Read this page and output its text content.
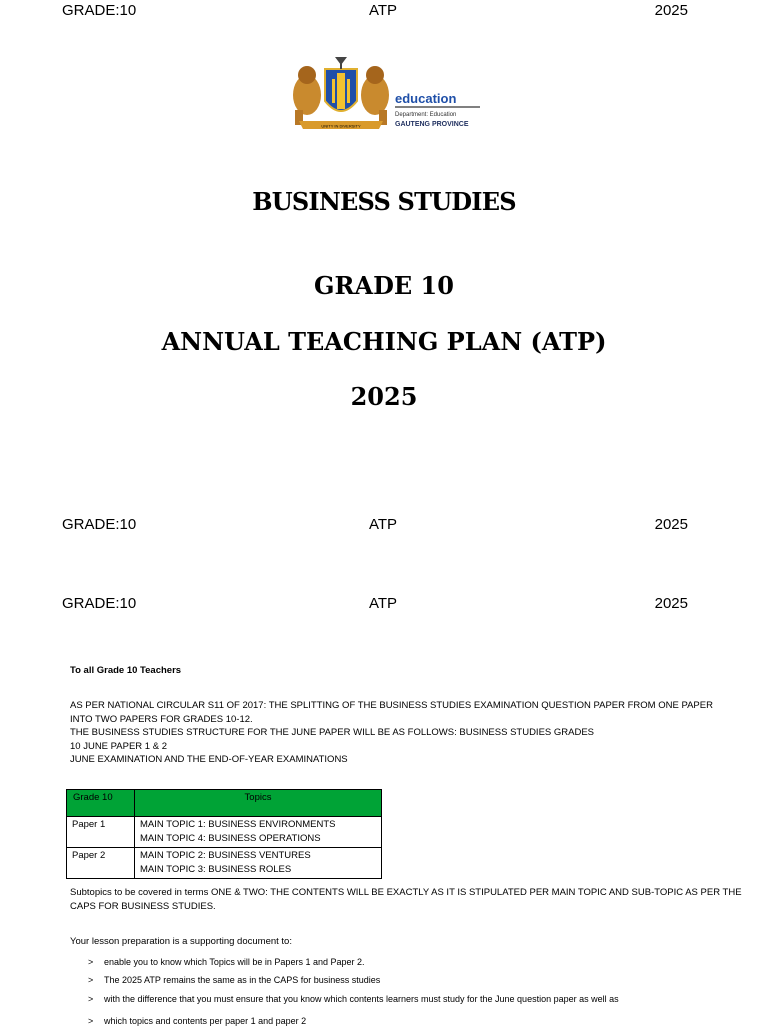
GRADE:10	ATP	2025
UNITY IN DIVERSITY
education
Department: Education
GAUTENG PROVINCE
BUSINESS STUDIES
GRADE 10
ANNUAL TEACHING PLAN (ATP)
2025
GRADE:10	ATP	2025
GRADE:10	ATP	2025
To all Grade 10 Teachers
AS PER NATIONAL CIRCULAR S11 OF 2017: THE SPLITTING OF THE BUSINESS STUDIES EXAMINATION QUESTION PAPER FROM ONE PAPER
INTO TWO PAPERS FOR GRADES 10-12.
THE BUSINESS STUDIES STRUCTURE FOR THE JUNE PAPER WILL BE AS FOLLOWS: BUSINESS STUDIES GRADES
10 JUNE PAPER 1 & 2
JUNE EXAMINATION AND THE END-OF-YEAR EXAMINATIONS
Grade 10	Topics
Paper 1	MAIN TOPIC 1: BUSINESS ENVIRONMENTS
MAIN TOPIC 4: BUSINESS OPERATIONS

Paper 2	MAIN TOPIC 2: BUSINESS VENTURES
MAIN TOPIC 3: BUSINESS ROLES
Subtopics to be covered in terms ONE & TWO: THE CONTENTS WILL BE EXACTLY AS IT IS STIPULATED PER MAIN TOPIC AND SUB-TOPIC AS PER THE
CAPS FOR BUSINESS STUDIES.
Your lesson preparation is a supporting document to:
> enable you to know which Topics will be in Papers 1 and Paper 2.
> The 2025 ATP remains the same as in the CAPS for business studies
> with the difference that you must ensure that you know which contents learners must study for the June question paper as well as
> which topics and contents per paper 1 and paper 2
